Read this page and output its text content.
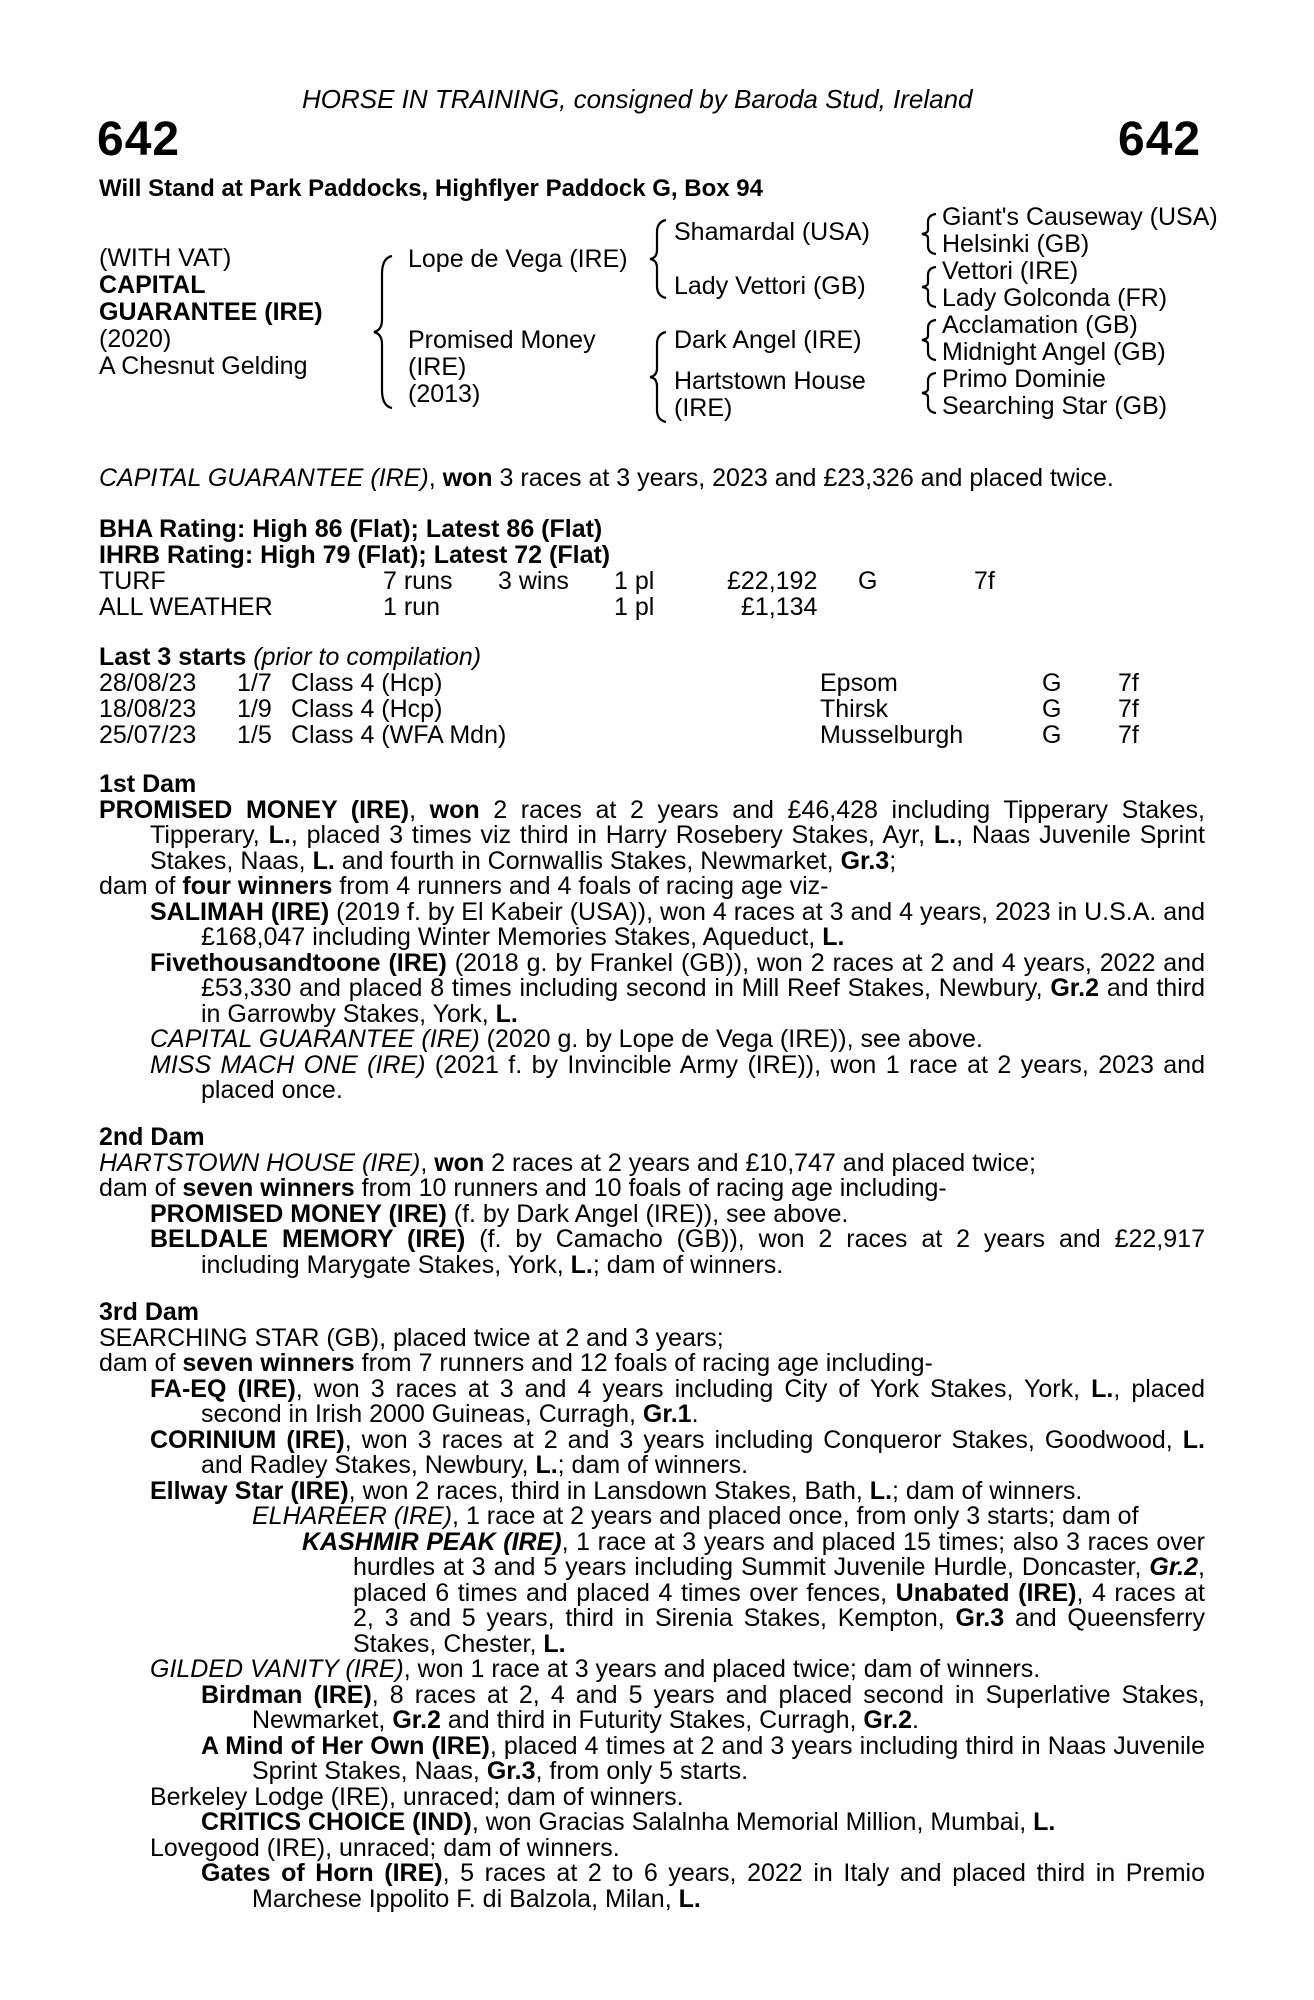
HORSE IN TRAINING, consigned by Baroda Stud, Ireland
642	642
Will Stand at Park Paddocks, Highflyer Paddock G, Box 94
(WITH VAT)
CAPITAL
GUARANTEE (IRE)
(2020)
A Chesnut Gelding
Lope de Vega (IRE)
Promised Money
(IRE)
(2013)
Shamardal (USA)
Lady Vettori (GB)
Dark Angel (IRE)
Hartstown House
(IRE)
Giant's Causeway (USA)
Helsinki (GB)
Vettori (IRE)
Lady Golconda (FR)
Acclamation (GB)
Midnight Angel (GB)
Primo Dominie
Searching Star (GB)
CAPITAL GUARANTEE (IRE), won 3 races at 3 years, 2023 and £23,326 and placed twice.
BHA Rating: High 86 (Flat); Latest 86 (Flat)
IHRB Rating: High 79 (Flat); Latest 72 (Flat)
TURF	7 runs 3 wins 1 pl	£22,192 G	7f
ALL WEATHER	1 run	1 pl	£1,134
Last 3 starts (prior to compilation)
28/08/23 1/7 Class 4 (Hcp)	Epsom	G 7f
18/08/23 1/9 Class 4 (Hcp)	Thirsk	G 7f
25/07/23 1/5 Class 4 (WFA Mdn)	Musselburgh	G 7f

1st Dam

PROMISED MONEY (IRE), won 2 races at 2 years and £46,428 including Tipperary Stakes, Tipperary, L., placed 3 times viz third in Harry Rosebery Stakes, Ayr, L., Naas Juvenile Sprint Stakes, Naas, L. and fourth in Cornwallis Stakes, Newmarket, Gr.3;

dam of four winners from 4 runners and 4 foals of racing age viz-

SALIMAH (IRE) (2019 f. by El Kabeir (USA)), won 4 races at 3 and 4 years, 2023 in U.S.A. and £168,047 including Winter Memories Stakes, Aqueduct, L.

Fivethousandtoone (IRE) (2018 g. by Frankel (GB)), won 2 races at 2 and 4 years, 2022 and £53,330 and placed 8 times including second in Mill Reef Stakes, Newbury, Gr.2 and third in Garrowby Stakes, York, L.

CAPITAL GUARANTEE (IRE) (2020 g. by Lope de Vega (IRE)), see above.

MISS MACH ONE (IRE) (2021 f. by Invincible Army (IRE)), won 1 race at 2 years, 2023 and placed once.

2nd Dam

HARTSTOWN HOUSE (IRE), won 2 races at 2 years and £10,747 and placed twice;

dam of seven winners from 10 runners and 10 foals of racing age including-

PROMISED MONEY (IRE) (f. by Dark Angel (IRE)), see above.

BELDALE MEMORY (IRE) (f. by Camacho (GB)), won 2 races at 2 years and £22,917 including Marygate Stakes, York, L.; dam of winners.

3rd Dam

SEARCHING STAR (GB), placed twice at 2 and 3 years;

dam of seven winners from 7 runners and 12 foals of racing age including-

FA-EQ (IRE), won 3 races at 3 and 4 years including City of York Stakes, York, L., placed second in Irish 2000 Guineas, Curragh, Gr.1.

CORINIUM (IRE), won 3 races at 2 and 3 years including Conqueror Stakes, Goodwood, L. and Radley Stakes, Newbury, L.; dam of winners.

Ellway Star (IRE), won 2 races, third in Lansdown Stakes, Bath, L.; dam of winners.

ELHAREER (IRE), 1 race at 2 years and placed once, from only 3 starts; dam of

KASHMIR PEAK (IRE), 1 race at 3 years and placed 15 times; also 3 races over hurdles at 3 and 5 years including Summit Juvenile Hurdle, Doncaster, Gr.2, placed 6 times and placed 4 times over fences, Unabated (IRE), 4 races at 2, 3 and 5 years, third in Sirenia Stakes, Kempton, Gr.3 and Queensferry Stakes, Chester, L.

GILDED VANITY (IRE), won 1 race at 3 years and placed twice; dam of winners.

Birdman (IRE), 8 races at 2, 4 and 5 years and placed second in Superlative Stakes, Newmarket, Gr.2 and third in Futurity Stakes, Curragh, Gr.2.

A Mind of Her Own (IRE), placed 4 times at 2 and 3 years including third in Naas Juvenile Sprint Stakes, Naas, Gr.3, from only 5 starts.

Berkeley Lodge (IRE), unraced; dam of winners.

CRITICS CHOICE (IND), won Gracias Salalnha Memorial Million, Mumbai, L.

Lovegood (IRE), unraced; dam of winners.

Gates of Horn (IRE), 5 races at 2 to 6 years, 2022 in Italy and placed third in Premio Marchese Ippolito F. di Balzola, Milan, L.
